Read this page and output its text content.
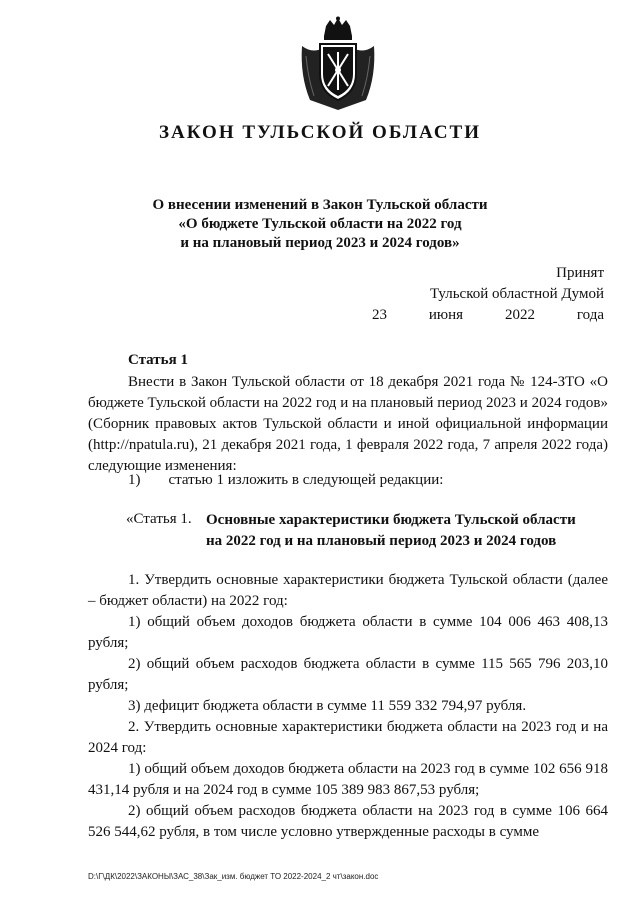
ЗАКОН ТУЛЬСКОЙ ОБЛАСТИ
О внесении изменений в Закон Тульской области
«О бюджете Тульской области на 2022 год
и на плановый период 2023 и 2024 годов»
Принят
Тульской областной Думой
23	июня	2022	года
Статья 1

Внести в Закон Тульской области от 18 декабря 2021 года № 124-ЗТО «О бюджете Тульской области на 2022 год и на плановый период 2023 и 2024 годов» (Сборник правовых актов Тульской области и иной официальной информации (http://npatula.ru), 21 декабря 2021 года, 1 февраля 2022 года, 7 апреля 2022 года) следующие изменения:

1) статью 1 изложить в следующей редакции:
«Статья 1. Основные характеристики бюджета Тульской области
на 2022 год и на плановый период 2023 и 2024 годов

1. Утвердить основные характеристики бюджета Тульской области (далее – бюджет области) на 2022 год:

1) общий объем доходов бюджета области в сумме 104 006 463 408,13 рубля;

2) общий объем расходов бюджета области в сумме 115 565 796 203,10 рубля;

3) дефицит бюджета области в сумме 11 559 332 794,97 рубля.

2. Утвердить основные характеристики бюджета области на 2023 год и на 2024 год:

1) общий объем доходов бюджета области на 2023 год в сумме 102 656 918 431,14 рубля и на 2024 год в сумме 105 389 983 867,53 рубля;

2) общий объем расходов бюджета области на 2023 год в сумме 106 664 526 544,62 рубля, в том числе условно утвержденные расходы в сумме

D:\Г\ДК\2022\ЗАКОНЫ\ЗАС_38\Зак_изм. бюджет ТО 2022-2024_2 чт\закон.doc
